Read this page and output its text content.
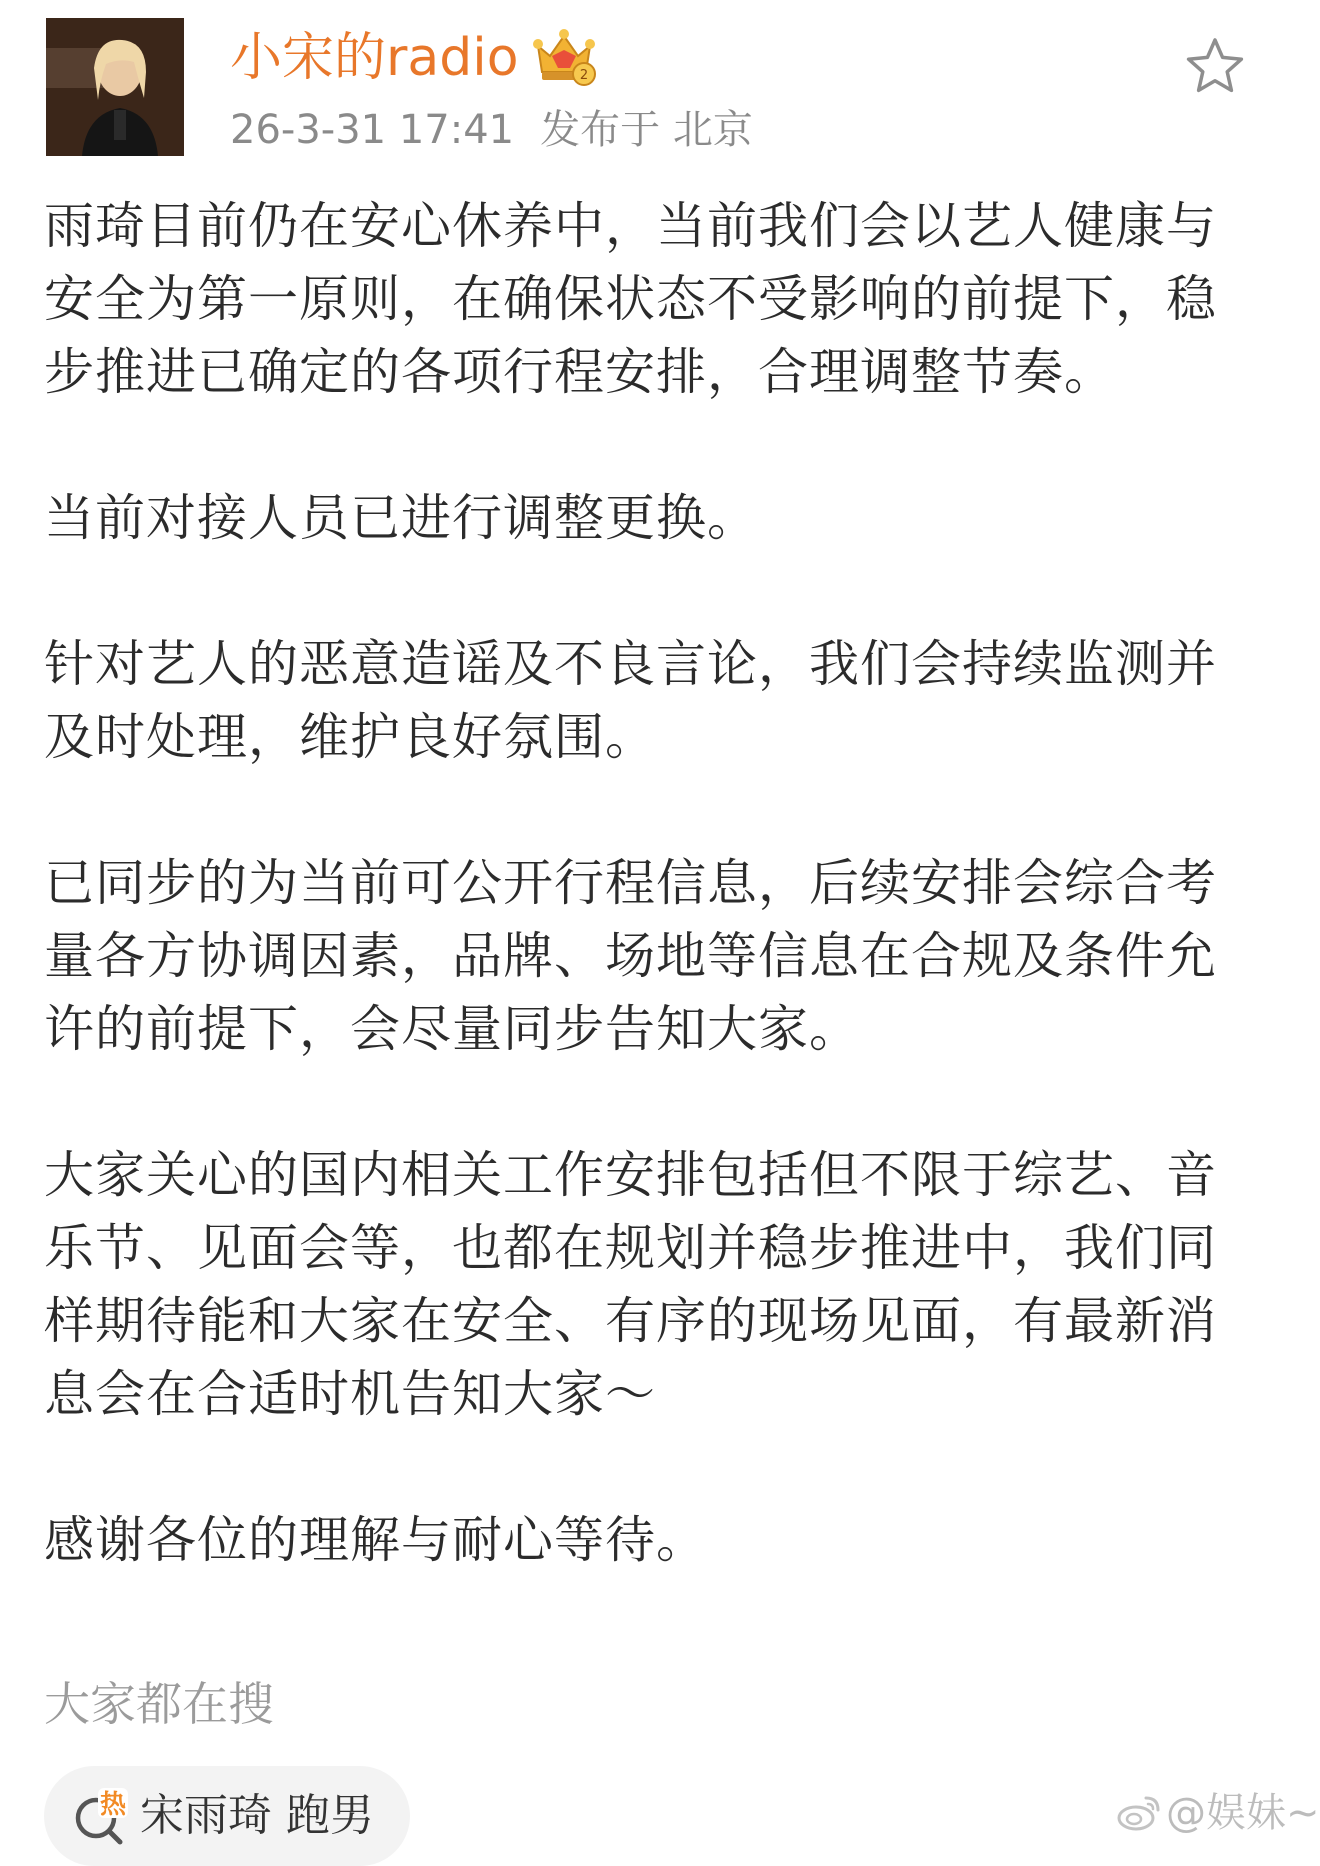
小宋的radio	2
26-3-31 17:41 发布于 北京

雨琦目前仍在安心休养中，当前我们会以艺人健康与安全为第一原则，在确保状态不受影响的前提下，稳步推进已确定的各项行程安排，合理调整节奏。

当前对接人员已进行调整更换。

针对艺人的恶意造谣及不良言论，我们会持续监测并及时处理，维护良好氛围。

已同步的为当前可公开行程信息，后续安排会综合考量各方协调因素，品牌、场地等信息在合规及条件允许的前提下，会尽量同步告知大家。

大家关心的国内相关工作安排包括但不限于综艺、音乐节、见面会等，也都在规划并稳步推进中，我们同样期待能和大家在安全、有序的现场见面，有最新消息会在合适时机告知大家～

感谢各位的理解与耐心等待。

大家都在搜
热 宋雨琦 跑男	@娱妹~
